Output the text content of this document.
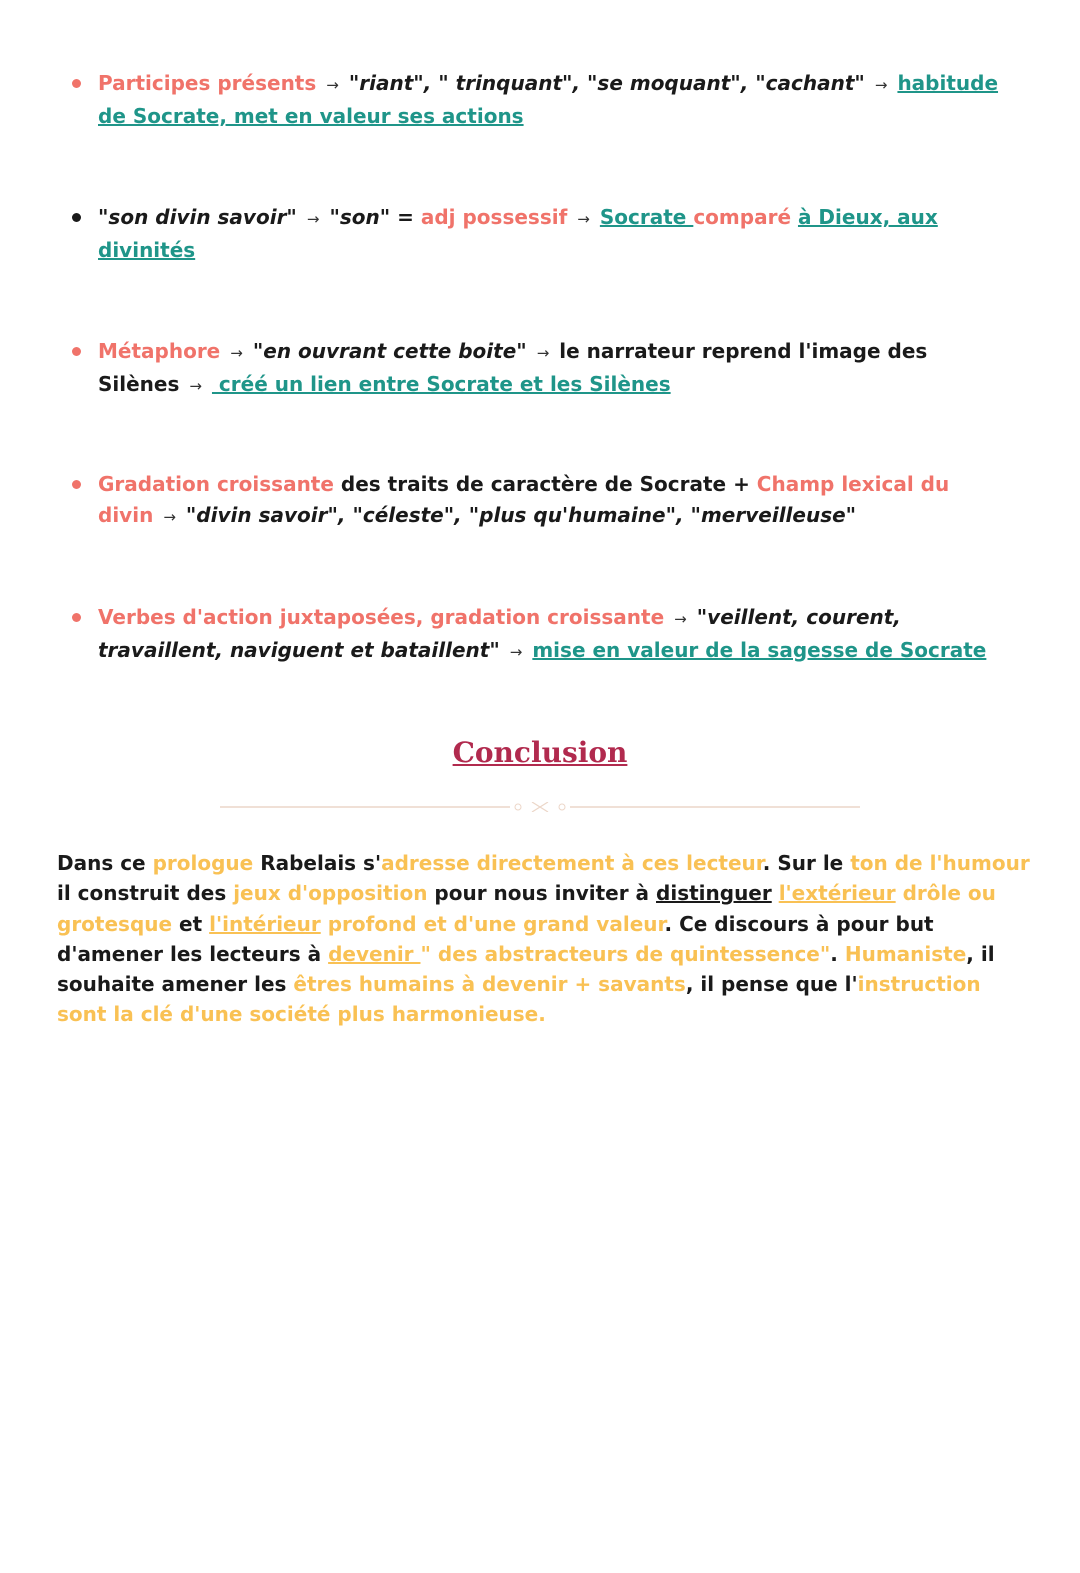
Participes présents → "riant", " trinquant", "se moquant", "cachant" → habitude de Socrate, met en valeur ses actions
"son divin savoir" → "son" = adj possessif → Socrate comparé à Dieux, aux divinités
Métaphore → "en ouvrant cette boite" → le narrateur reprend l'image des Silènes → créé un lien entre Socrate et les Silènes
Gradation croissante des traits de caractère de Socrate + Champ lexical du divin → "divin savoir", "céleste", "plus qu'humaine", "merveilleuse"
Verbes d'action juxtaposées, gradation croissante → "veillent, courent, travaillent, naviguent et bataillent" → mise en valeur de la sagesse de Socrate
Conclusion
Dans ce prologue Rabelais s'adresse directement à ces lecteur. Sur le ton de l'humour il construit des jeux d'opposition pour nous inviter à distinguer l'extérieur drôle ou grotesque et l'intérieur profond et d'une grand valeur. Ce discours à pour but d'amener les lecteurs à devenir " des abstracteurs de quintessence". Humaniste, il souhaite amener les êtres humains à devenir + savants, il pense que l'instruction sont la clé d'une société plus harmonieuse.
